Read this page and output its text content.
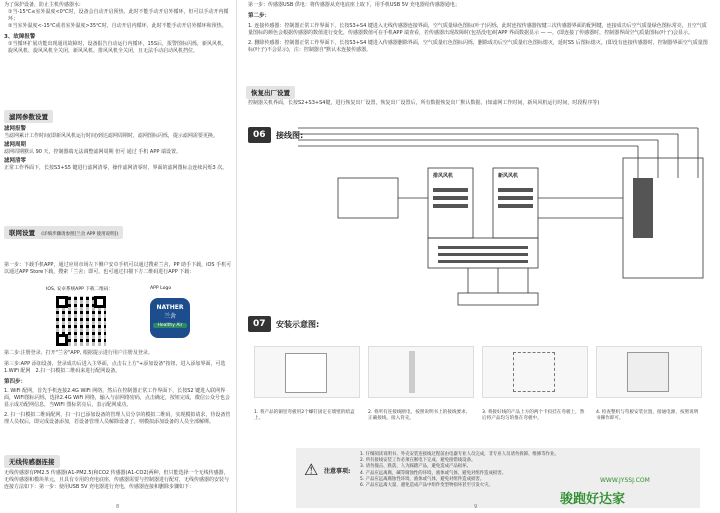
为了保护设备，防止主机传感器水:

①当-15℃≤室外温度<0℃时，设备会自动开启预热，此时不能手动开启外循环，但可以手动开内循环；

②当室外温度<-15℃或者室外温度>35℃时，自动开启内循环，此时不能手动开启外循环和预热。

3、故障报警

①当循环扩展功能出现通讯故障时，设备报告自动运行内循环，15S后，报警图标闪烁，新风风机、旋风风机、旋风风机全关闭，新风风机、排风风机全关闭，且无法手动启动风机挡位。

滤网参数设置

滤网报警

当滤网累计工作时间(即新风风机运行时间)到达滤网周期时，滤网图标闪烁，提示滤网需要更换。

滤网周期

滤网周期默认 90 天，控制器端无法调整滤网周期 但可 通过 手机 APP 端设置。

滤网清零

正常工作界面下，长按S3+S5 键进行滤网清零，操作滤网清零时，界面的滤网图标会连续闪烁3 次。

联网设置 (详细步骤请参照[兰舍 APP 使用说明])

第一步：下载手机APP，通过应用市场左下侧户安卓手机可以通过搜索兰舍，PP 助手下载，iOS 手机可以通过APP Store下载，搜索「兰舍」即可，也可通过扫描下方二维码进行APP 下载：

IOS, 安卓系统APP 下载二维码：	APP Logo
NATHER
兰舍
Healthy Air

第二步:注册登录，打开"兰舍"APP, 根据提示进行用户注册及登录。

第三步:APP 添加设备，登录成功后进入主界面，点击右上方"+添加设备"按钮，进入添加界面，可选 1.WiFi 配网　2.扫一扫模拟二维码来进行配网设备。

第四步：

1. WiFi 配网，首先手机连接2.4G WiFi 网络，然后在控制器正常工作界面下，长按S2 键进入联网界面，WIFI图标闪烁，选择2.4G WiFi 网络，输入与前网络密码，点击确定，按钮完成，微信公众号也会显示成功配网信息，当WIFI 图标常亮后，表示配网成功。

2. 扫一扫模拟二维码配网，扫一扫已添加设备的管理人员分享的模拟二维码，实现模拟请求，待设备管理人员权后，即完成设备添加，若设备管理人员解除设备了，则模拟添加设备的人员全部解绑。

无线传感器连接

无线传感器有PM2.5 传感器(A1-PM2.5)和CO2 传感器(A1-CO2)两种，但只能选择一个无线传感器，无线传感器和模块单元，且具有专用的充电底座，传感器需要与控制器进行配对，无线传感器的安装与连接方法如下：第一步：使用USB 5V 充电器进行充电，传感器连接和删除步骤如下：

8

第一步：传感器USB 供电：将传感器从充电底座上取下，用手机USB 5V 充电器给传感器通电；

第二步：

1. 连接传感器：控制器正常工作界面下，长按S3+S4 键进入无线传感器连接界面，空气质量绿色图标(叶子)闪烁，此时连按传感器按键三次传感器界面的配网键，连接成功后空气质量绿色图标常亮，且空气质量图标的颜色会根据传感器的数值进行变化，传感器数值可在手机APP 端查看，若传感器出现故障时(包括没电)时APP 界面数据显示 — —，(即连接了传感器时，控制器界面空气质量图标(叶子)会显示。

2. 删除传感器：控制器正常工作界面下，长按S3+S4 键进入传感器删除界面，空气质量红色图标闪烁，删除成功后空气质量红色图标熄灭，延时S5 后图标熄灭。(即没有连接传感器时，控制器界面空气质量图标(叶子)不会显示)，注：控制器自"默认未连接传感器。

恢复出厂设置

控制器关机界面，长按S2+S3+S4键，进行恢复出厂设置，恢复出厂设置后，所有数据恢复出厂默认数据。(如滤网工作时间，新风风机运行时间，时段程序等)

06	接线图:
排风风机	新风风机
07	安装示意图:
1. 将产品的铜里弯板用2个螺钉固定在墙壁的暗盒上。
2. 将所有连接线断电，按照说明书上的接线要求，正确接线，接入背壳。
3. 将接好线的产品上方的两个卡扣挂在弯板上，然后将产品均匀的推在弯板中。
4. 检查整机与弯板安装位置，接通电源，按照说明书操作即可。
⚠ 注意事项:
1. 仔细阅读说明书，外壳安装连接线过程前由电器专业人员完成，非专业人员请勿拆卸、维修等作业。
2. 所有接线安装工作必须在断电下完成，避免接错线设备。
3. 请勿撞击、跌落，人为踩踏产品，避免造成产品损坏。
4. 产品应远离腐，碱等腐蚀性的环境，液体或气体，避免对组件造成损害。
5. 产品应远离腐蚀性环境，液体或气体，避免对组件造成损害。
6. 产品应远离大量，避免造成产品中组件变型物损坏甚至引发火灾。
9
WWW.JYSSJ.COM
骏跑好达家
